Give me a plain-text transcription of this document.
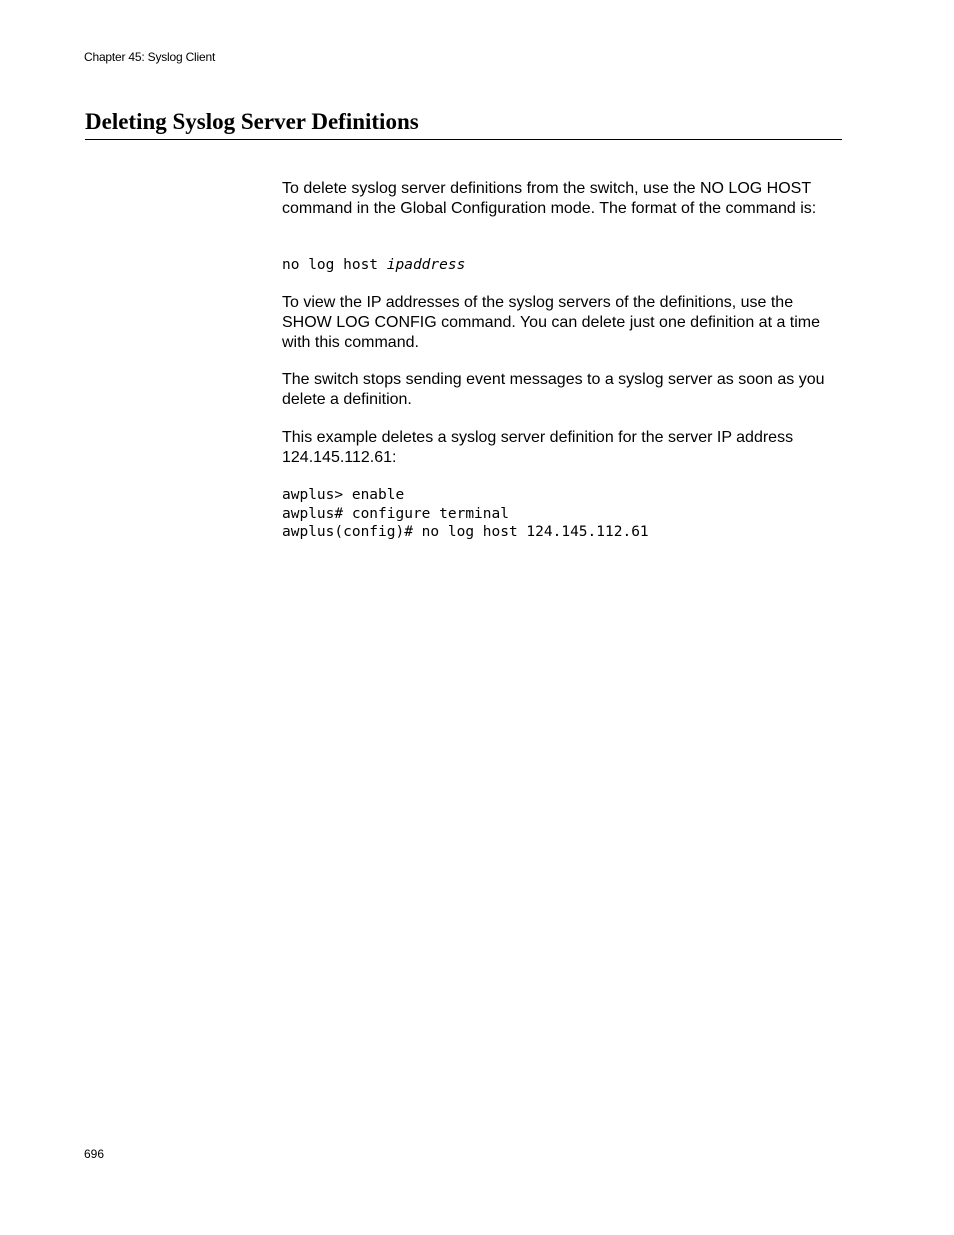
Chapter 45: Syslog Client
Deleting Syslog Server Definitions

To delete syslog server definitions from the switch, use the NO LOG HOST command in the Global Configuration mode. The format of the command is:

no log host ipaddress

To view the IP addresses of the syslog servers of the definitions, use the SHOW LOG CONFIG command. You can delete just one definition at a time with this command.

The switch stops sending event messages to a syslog server as soon as you delete a definition.

This example deletes a syslog server definition for the server IP address 124.145.112.61:

awplus> enable
awplus# configure terminal
awplus(config)# no log host 124.145.112.61
696
